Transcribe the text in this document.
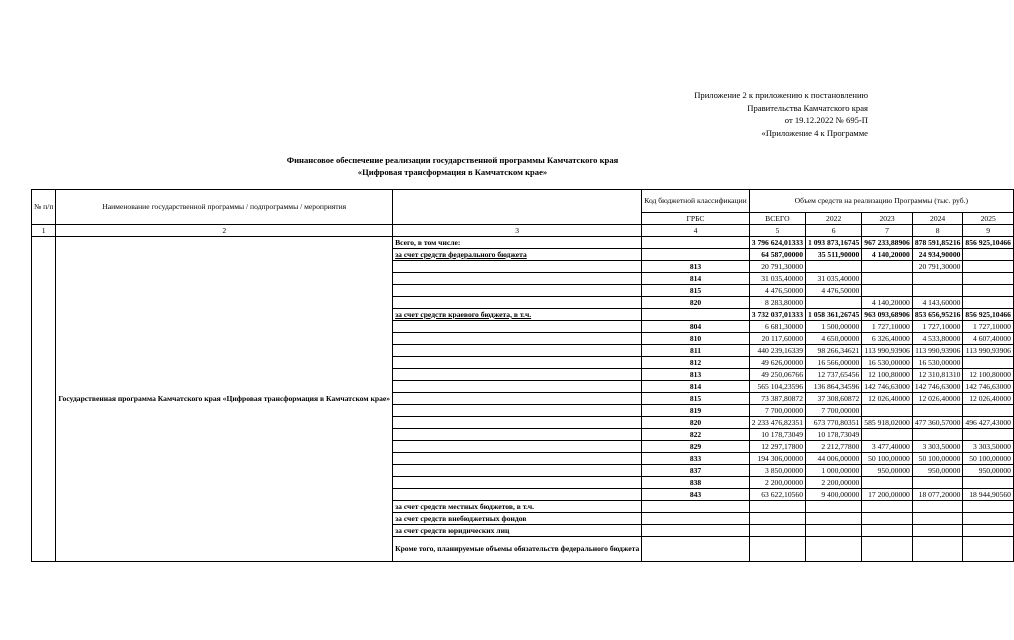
Приложение 2 к приложению к постановлению
Правительства Камчатского края
от 19.12.2022 № 695-П
«Приложение 4 к Программе
Финансовое обеспечение реализации государственной программы Камчатского края
«Цифровая трансформация в Камчатском крае»
№ п/п	Наименование государственной программы / подпрограммы / мероприятия		Код бюджетной классификации	Объем средств на реализацию Программы (тыс. руб.)				
			ГРБС	ВСЕГО	2022	2023	2024	2025
1	2	3	4	5	6	7	8	9
	Государственная программа Камчатского края «Цифровая трансформация в Камчатском крае»	Всего, в том числе:		3 796 624,01333	1 093 873,16745	967 233,88906	878 591,85216	856 925,10466
		за счет средств федерального бюджета		64 587,00000	35 511,90000	4 140,20000	24 934,90000	
			813	20 791,30000			20 791,30000	
			814	31 035,40000	31 035,40000			
			815	4 476,50000	4 476,50000			
			820	8 283,80000		4 140,20000	4 143,60000	
		за счет средств краевого бюджета, в т.ч.		3 732 037,01333	1 058 361,26745	963 093,68906	853 656,95216	856 925,10466
			804	6 681,30000	1 500,00000	1 727,10000	1 727,10000	1 727,10000
			810	20 117,60000	4 650,00000	6 326,40000	4 533,80000	4 607,40000
			811	440 239,16339	98 266,34621	113 990,93906	113 990,93906	113 990,93906
			812	49 626,00000	16 566,00000	16 530,00000	16 530,00000	
			813	49 250,06766	12 737,65456	12 100,80000	12 310,81310	12 100,80000
			814	565 104,23596	136 864,34596	142 746,63000	142 746,63000	142 746,63000
			815	73 387,80872	37 308,60872	12 026,40000	12 026,40000	12 026,40000
			819	7 700,00000	7 700,00000			
			820	2 233 476,82351	673 770,80351	585 918,02000	477 360,57000	496 427,43000
			822	10 178,73049	10 178,73049			
			829	12 297,17800	2 212,77800	3 477,40000	3 303,50000	3 303,50000
			833	194 306,00000	44 006,00000	50 100,00000	50 100,00000	50 100,00000
			837	3 850,00000	1 000,00000	950,00000	950,00000	950,00000
			838	2 200,00000	2 200,00000			
			843	63 622,10560	9 400,00000	17 200,00000	18 077,20000	18 944,90560
		за счет средств местных бюджетов, в т.ч.						
		за счет средств внебюджетных фондов						
		за счет средств юридических лиц						
		Кроме того, планируемые объемы обязательств федерального бюджета						
